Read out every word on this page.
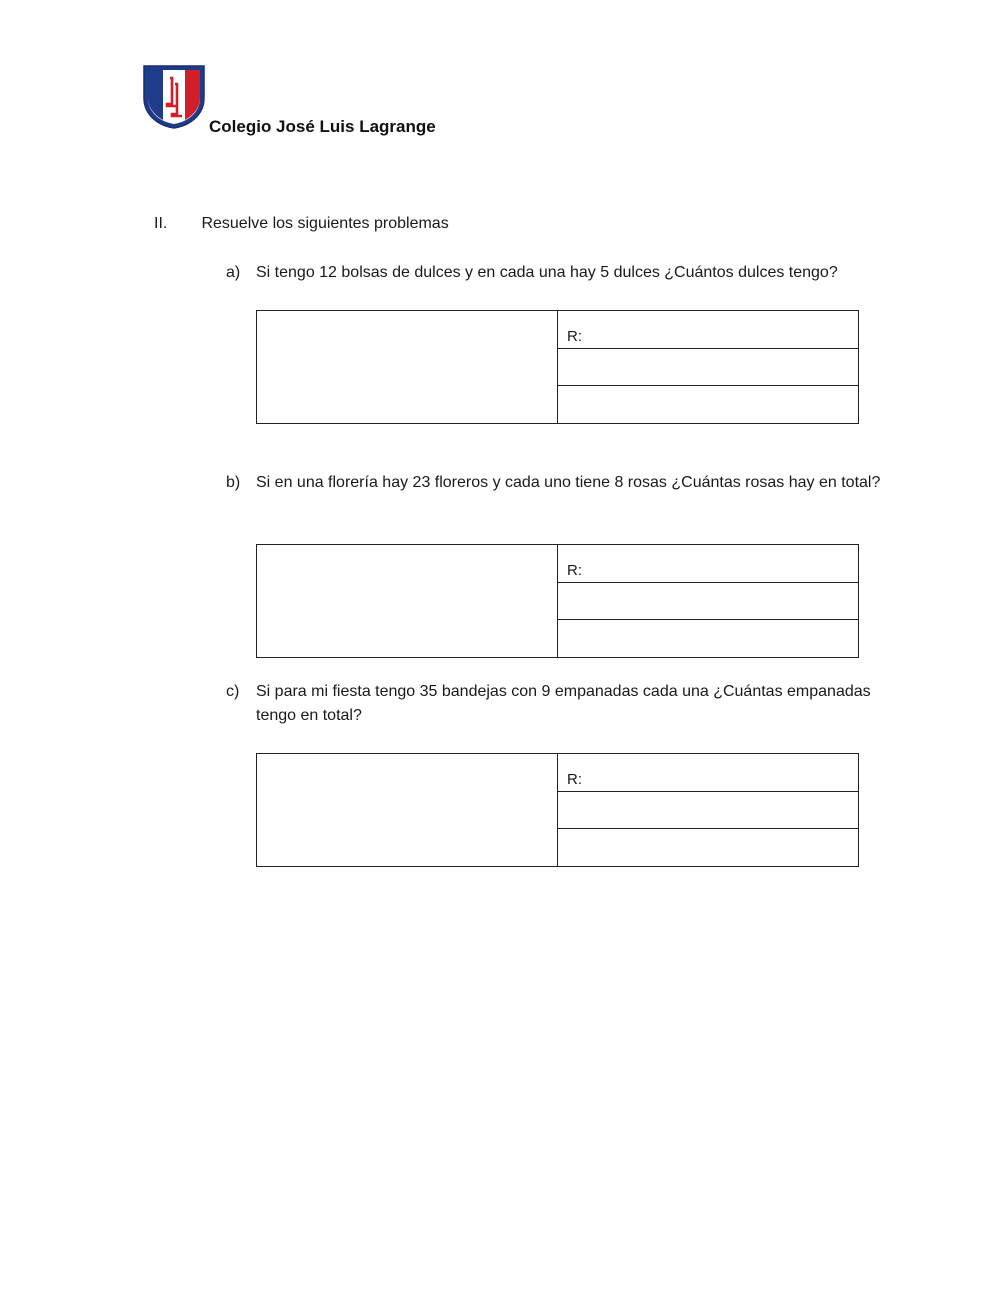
Colegio José Luis Lagrange
II. Resuelve los siguientes problemas
a) Si tengo 12 bolsas de dulces y en cada una hay 5 dulces ¿Cuántos dulces tengo?
R:
b) Si en una florería hay 23 floreros y cada uno tiene 8 rosas ¿Cuántas rosas hay en total?
R:
c) Si para mi fiesta tengo 35 bandejas con 9 empanadas cada una ¿Cuántas empanadas tengo en total?
R:
